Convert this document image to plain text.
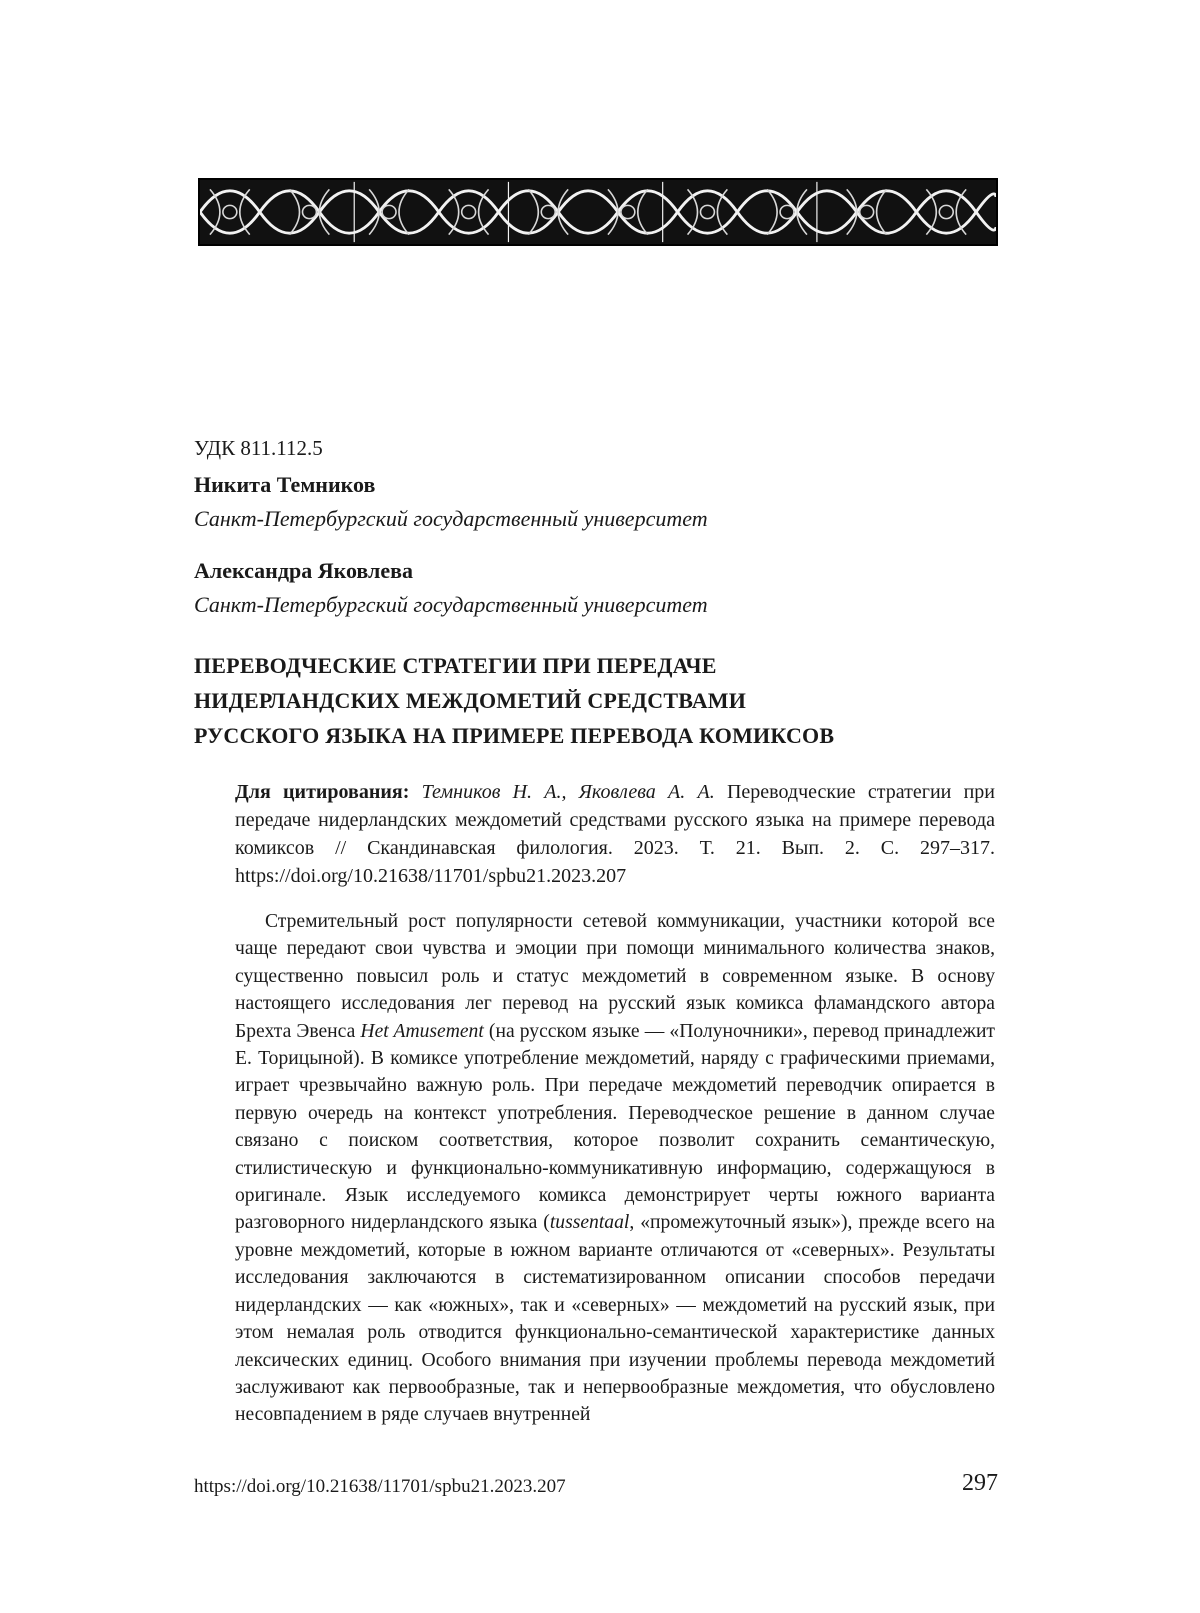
УДК 811.112.5
Никита Темников
Санкт-Петербургский государственный университет
Александра Яковлева
Санкт-Петербургский государственный университет
ПЕРЕВОДЧЕСКИЕ СТРАТЕГИИ ПРИ ПЕРЕДАЧЕ
НИДЕРЛАНДСКИХ МЕЖДОМЕТИЙ СРЕДСТВАМИ
РУССКОГО ЯЗЫКА НА ПРИМЕРЕ ПЕРЕВОДА КОМИКСОВ
Для цитирования: Темников Н. А., Яковлева А. А. Переводческие стратегии при передаче нидерландских междометий средствами русского языка на примере перевода комиксов // Скандинавская филология. 2023. Т. 21. Вып. 2. С. 297–317. https://doi.org/10.21638/11701/spbu21.2023.207

Стремительный рост популярности сетевой коммуникации, участники которой все чаще передают свои чувства и эмоции при помощи минимального количества знаков, существенно повысил роль и статус междометий в современном языке. В основу настоящего исследования лег перевод на русский язык комикса фламандского автора Брехта Эвенса Het Amusement (на русском языке — «Полуночники», перевод принадлежит Е. Торицыной). В комиксе употребление междометий, наряду с графическими приемами, играет чрезвычайно важную роль. При передаче междометий переводчик опирается в первую очередь на контекст употребления. Переводческое решение в данном случае связано с поиском соответствия, которое позволит сохранить семантическую, стилистическую и функционально-коммуникативную информацию, содержащуюся в оригинале. Язык исследуемого комикса демонстрирует черты южного варианта разговорного нидерландского языка (tussentaal, «промежуточный язык»), прежде всего на уровне междометий, которые в южном варианте отличаются от «северных». Результаты исследования заключаются в систематизированном описании способов передачи нидерландских — как «южных», так и «северных» — междометий на русский язык, при этом немалая роль отводится функционально-семантической характеристике данных лексических единиц. Особого внимания при изучении проблемы перевода междометий заслуживают как первообразные, так и непервообразные междометия, что обусловлено несовпадением в ряде случаев внутренней

https://doi.org/10.21638/11701/spbu21.2023.207	297
